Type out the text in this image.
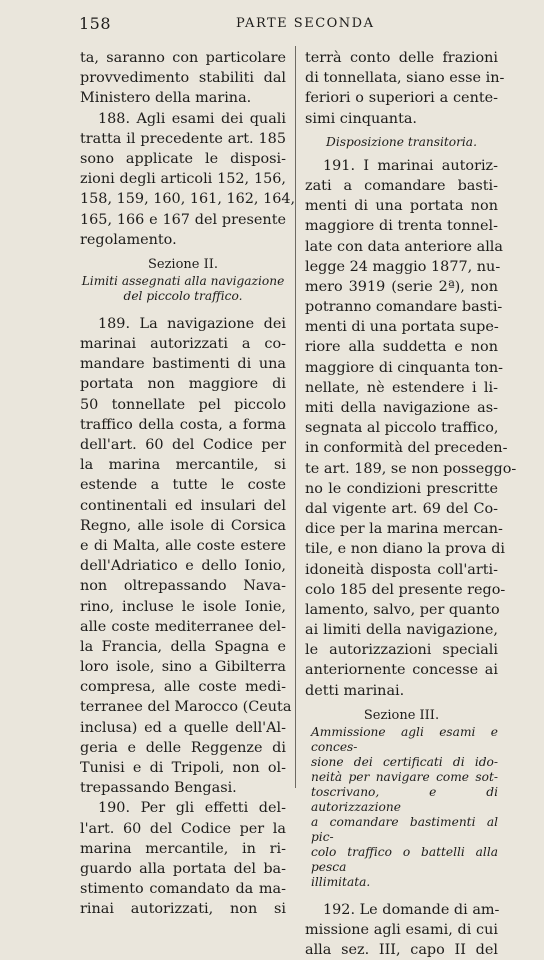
158	PARTE SECONDA
ta, saranno con particolare
provvedimento stabiliti dal
Ministero della marina.
188. Agli esami dei quali
tratta il precedente art. 185
sono applicate le disposi-
zioni degli articoli 152, 156,
158, 159, 160, 161, 162, 164,
165, 166 e 167 del presente
regolamento.
Sezione II.
Limiti assegnati alla navigazione
del piccolo traffico.
189. La navigazione dei
marinai autorizzati a co-
mandare bastimenti di una
portata non maggiore di
50 tonnellate pel piccolo
traffico della costa, a forma
dell'art. 60 del Codice per
la marina mercantile, si
estende a tutte le coste
continentali ed insulari del
Regno, alle isole di Corsica
e di Malta, alle coste estere
dell'Adriatico e dello Ionio,
non oltrepassando Nava-
rino, incluse le isole Ionie,
alle coste mediterranee del-
la Francia, della Spagna e
loro isole, sino a Gibilterra
compresa, alle coste medi-
terranee del Marocco (Ceuta
inclusa) ed a quelle dell'Al-
geria e delle Reggenze di
Tunisi e di Tripoli, non ol-
trepassando Bengasi.
190. Per gli effetti del-
l'art. 60 del Codice per la
marina mercantile, in ri-
guardo alla portata del ba-
stimento comandato da ma-
rinai autorizzati, non si
terrà conto delle frazioni
di tonnellata, siano esse in-
feriori o superiori a cente-
simi cinquanta.
Disposizione transitoria.
191. I marinai autoriz-
zati a comandare basti-
menti di una portata non
maggiore di trenta tonnel-
late con data anteriore alla
legge 24 maggio 1877, nu-
mero 3919 (serie 2ª), non
potranno comandare basti-
menti di una portata supe-
riore alla suddetta e non
maggiore di cinquanta ton-
nellate, nè estendere i li-
miti della navigazione as-
segnata al piccolo traffico,
in conformità del preceden-
te art. 189, se non posseggo-
no le condizioni prescritte
dal vigente art. 69 del Co-
dice per la marina mercan-
tile, e non diano la prova di
idoneità disposta coll'arti-
colo 185 del presente rego-
lamento, salvo, per quanto
ai limiti della navigazione,
le autorizzazioni speciali
anteriornente concesse ai
detti marinai.
Sezione III.
Ammissione agli esami e conces-
sione dei certificati di ido-
neità per navigare come sot-
toscrivano, e di autorizzazione
a comandare bastimenti al pic-
colo traffico o battelli alla pesca
illimitata.
192. Le domande di am-
missione agli esami, di cui
alla sez. III, capo II del
